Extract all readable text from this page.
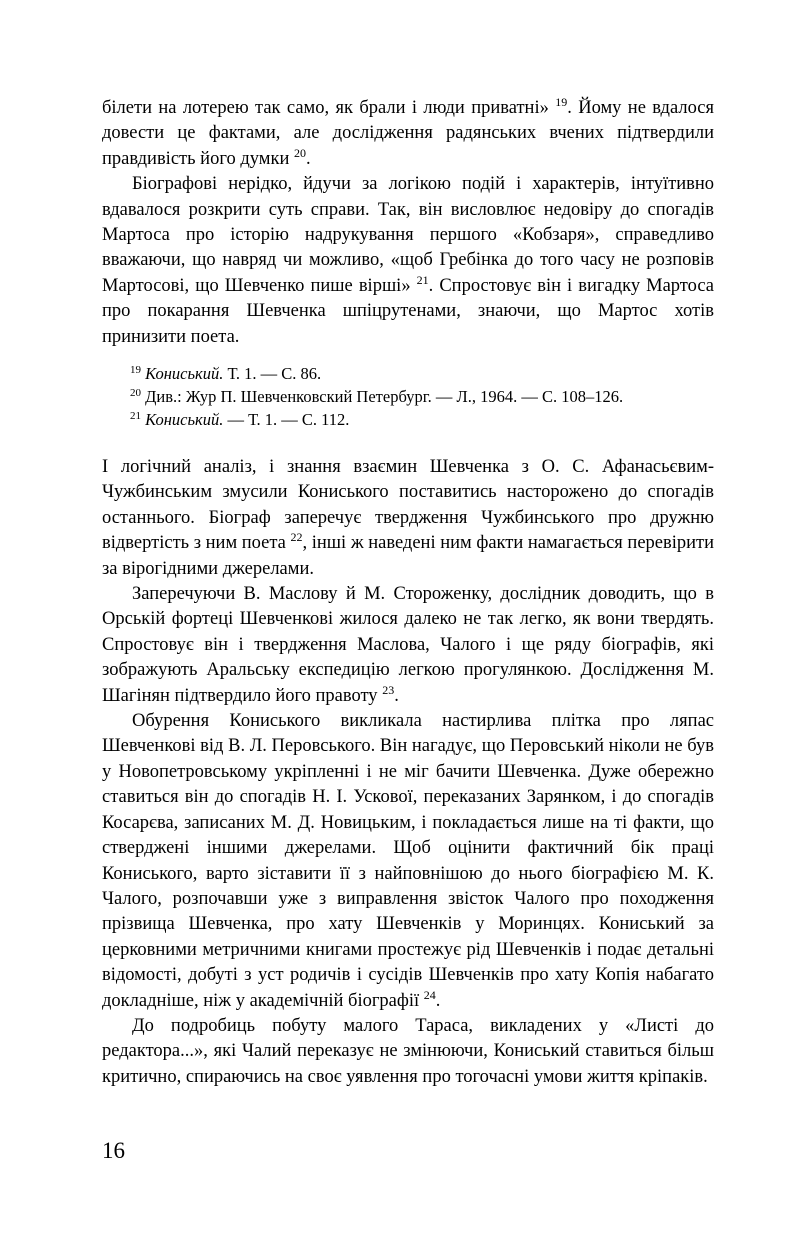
білети на лотерею так само, як брали і люди приватні» $^{19}$. Йому не вдалося довести це фактами, але дослідження радянських вчених підтвердили правдивість його думки $^{20}$.

Біографові нерідко, йдучи за логікою подій і характерів, інтуїтивно вдавалося розкрити суть справи. Так, він висловлює недовіру до спогадів Мартоса про історію надрукування першого «Кобзаря», справедливо вважаючи, що навряд чи можливо, «щоб Гребінка до того часу не розповів Мартосові, що Шевченко пише вірші» $^{21}$. Спростовує він і вигадку Мартоса про покарання Шевченка шпіцрутенами, знаючи, що Мартос хотів принизити поета.

$^{19}$ Кониський. Т. 1. — С. 86.

$^{20}$ Див.: Жур П. Шевченковский Петербург. — Л., 1964. — С. 108–126.

$^{21}$ Кониський. — Т. 1. — С. 112.

І логічний аналіз, і знання взаємин Шевченка з О. С. Афанасьєвим-Чужбинським змусили Кониського поставитись насторожено до спогадів останнього. Біограф заперечує твердження Чужбинського про дружню відвертість з ним поета $^{22}$, інші ж наведені ним факти намагається перевірити за вірогідними джерелами.

Заперечуючи В. Маслову й М. Стороженку, дослідник доводить, що в Орській фортеці Шевченкові жилося далеко не так легко, як вони твердять. Спростовує він і твердження Маслова, Чалого і ще ряду біографів, які зображують Аральську експедицію легкою прогулянкою. Дослідження М. Шагінян підтвердило його правоту $^{23}$.

Обурення Кониського викликала настирлива плітка про ляпас Шевченкові від В. Л. Перовського. Він нагадує, що Перовський ніколи не був у Новопетровському укріпленні і не міг бачити Шевченка. Дуже обережно ставиться він до спогадів Н. І. Ускової, переказаних Зарянком, і до спогадів Косарєва, записаних М. Д. Новицьким, і покладається лише на ті факти, що стверджені іншими джерелами. Щоб оцінити фактичний бік праці Кониського, варто зіставити її з найповнішою до нього біографією М. К. Чалого, розпочавши уже з виправлення звісток Чалого про походження прізвища Шевченка, про хату Шевченків у Моринцях. Кониський за церковними метричними книгами простежує рід Шевченків і подає детальні відомості, добуті з уст родичів і сусідів Шевченків про хату Копія набагато докладніше, ніж у академічній біографії $^{24}$.

До подробиць побуту малого Тараса, викладених у «Листі до редактора...», які Чалий переказує не змінюючи, Кониський ставиться більш критично, спираючись на своє уявлення про тогочасні умови життя кріпаків.

16
